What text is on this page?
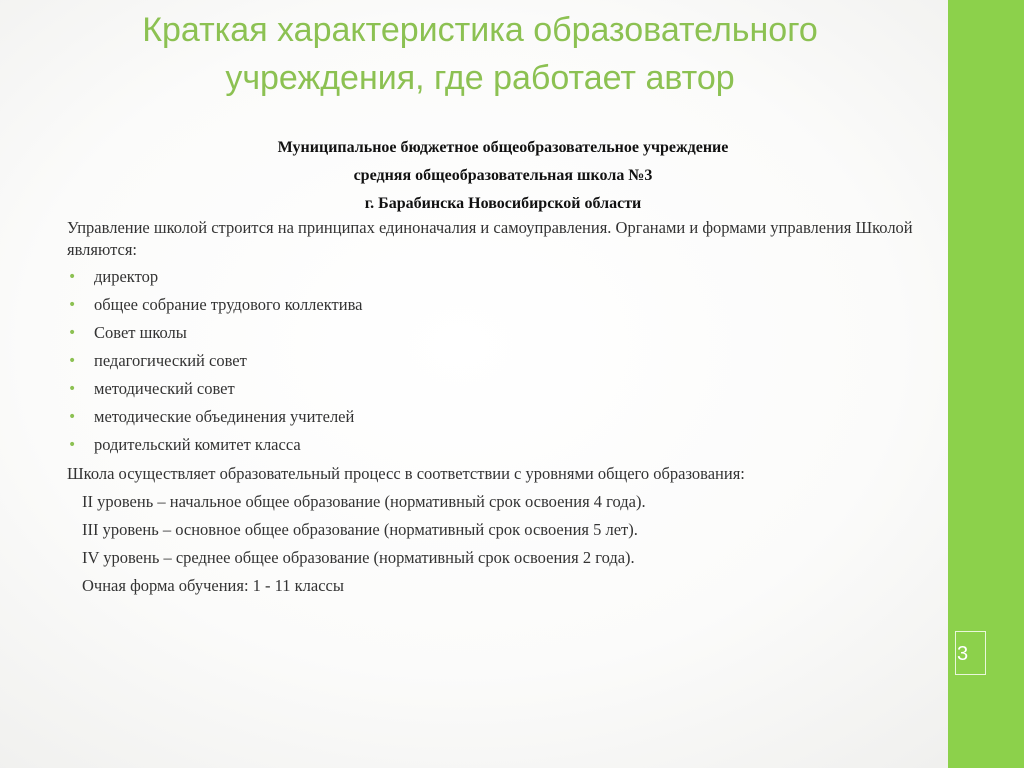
Краткая характеристика образовательного
учреждения, где работает автор
Муниципальное бюджетное общеобразовательное учреждение
средняя общеобразовательная школа №3
г. Барабинска Новосибирской области

Управление школой строится на принципах единоначалия и самоуправления. Органами и формами управления Школой являются:

• директор
• общее собрание трудового коллектива
• Совет школы
• педагогический совет
• методический совет
• методические объединения учителей
• родительский комитет класса

Школа осуществляет образовательный процесс в соответствии с уровнями общего образования:

II уровень – начальное общее образование (нормативный срок освоения 4 года).
III уровень – основное общее образование (нормативный срок освоения 5 лет).
IV уровень – среднее общее образование (нормативный срок освоения 2 года).
Очная форма обучения: 1 - 11 классы
3
